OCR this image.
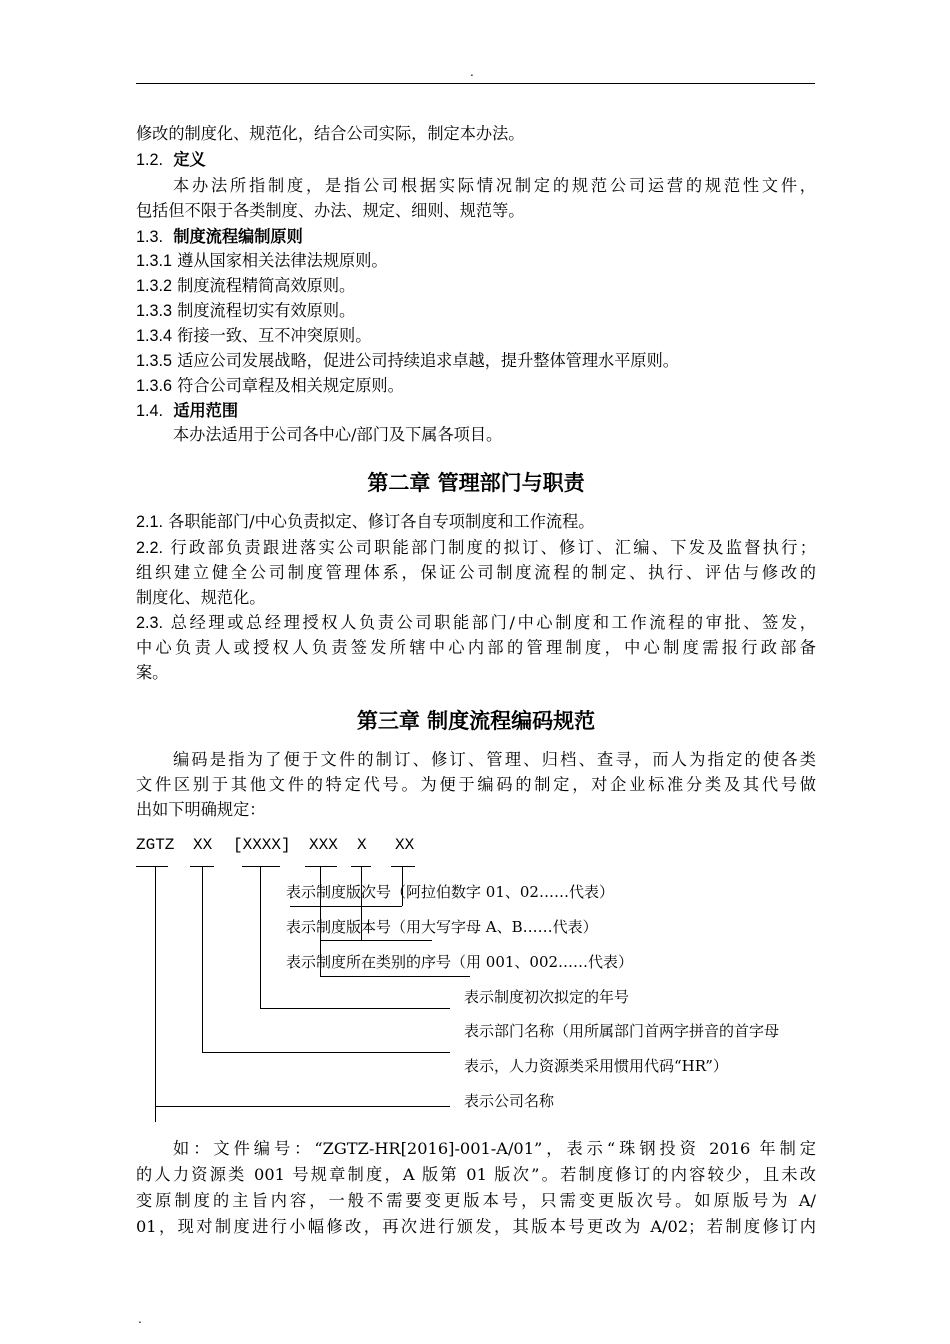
.
修改的制度化、规范化，结合公司实际，制定本办法。
1.2. 定义
本办法所指制度，是指公司根据实际情况制定的规范公司运营的规范性文件，
包括但不限于各类制度、办法、规定、细则、规范等。
1.3. 制度流程编制原则
1.3.1 遵从国家相关法律法规原则。
1.3.2 制度流程精简高效原则。
1.3.3 制度流程切实有效原则。
1.3.4 衔接一致、互不冲突原则。
1.3.5 适应公司发展战略，促进公司持续追求卓越，提升整体管理水平原则。
1.3.6 符合公司章程及相关规定原则。
1.4. 适用范围
本办法适用于公司各中心/部门及下属各项目。
第二章 管理部门与职责
2.1. 各职能部门/中心负责拟定、修订各自专项制度和工作流程。
2.2. 行政部负责跟进落实公司职能部门制度的拟订、修订、汇编、下发及监督执行；
组织建立健全公司制度管理体系，保证公司制度流程的制定、执行、评估与修改的
制度化、规范化。
2.3. 总经理或总经理授权人负责公司职能部门/中心制度和工作流程的审批、签发，
中心负责人或授权人负责签发所辖中心内部的管理制度，中心制度需报行政部备
案。
第三章 制度流程编码规范
编码是指为了便于文件的制订、修订、管理、归档、查寻，而人为指定的使各类
文件区别于其他文件的特定代号。为便于编码的制定，对企业标准分类及其代号做
出如下明确规定：
ZGTZ XX [XXXX] XXX X XX
表示制度版次号（阿拉伯数字 01、02……代表）
表示制度版本号（用大写字母 A、B……代表）
表示制度所在类别的序号（用 001、002……代表）
表示制度初次拟定的年号
表示部门名称（用所属部门首两字拼音的首字母
表示，人力资源类采用惯用代码“HR”）
表示公司名称
如：文件编号：“ZGTZ-HR[2016]-001-A/01”，表示“珠钢投资 2016 年制定
的人力资源类 001 号规章制度，A 版第 01 版次”。若制度修订的内容较少，且未改
变原制度的主旨内容，一般不需要变更版本号，只需变更版次号。如原版号为 A/
01，现对制度进行小幅修改，再次进行颁发，其版本号更改为 A/02；若制度修订内
.
